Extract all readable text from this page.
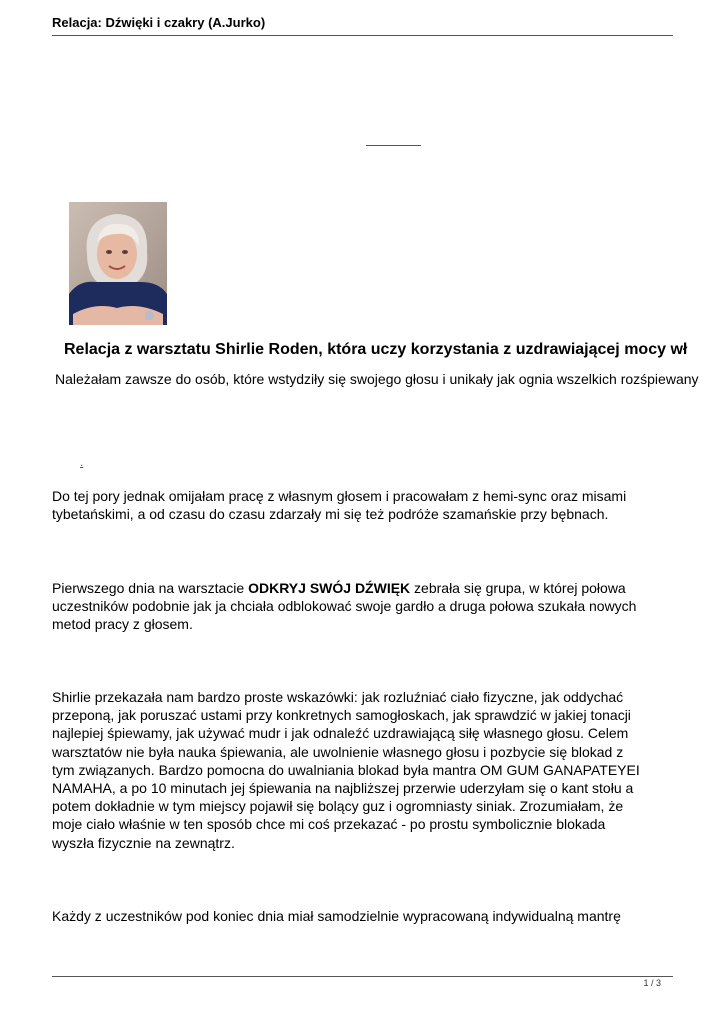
Relacja: Dźwięki i czakry (A.Jurko)
Relacja z warsztatu Shirlie Roden, która uczy korzystania z uzdrawiającej mocy wł
Należałam zawsze do osób, które wstydziły się swojego głosu i unikały jak ognia wszelkich rozśpiewany
.
Do tej pory jednak omijałam pracę z własnym głosem i pracowałam z hemi-sync oraz misami
tybetańskimi, a od czasu do czasu zdarzały mi się też podróże szamańskie przy bębnach.
Pierwszego dnia na warsztacie ODKRYJ SWÓJ DŹWIĘK zebrała się grupa, w której połowa
uczestników podobnie jak ja chciała odblokować swoje gardło a druga połowa szukała nowych
metod pracy z głosem.
Shirlie przekazała nam bardzo proste wskazówki: jak rozluźniać ciało fizyczne, jak oddychać
przeponą, jak poruszać ustami przy konkretnych samogłoskach, jak sprawdzić w jakiej tonacji
najlepiej śpiewamy, jak używać mudr i jak odnaleźć uzdrawiającą siłę własnego głosu. Celem
warsztatów nie była nauka śpiewania, ale uwolnienie własnego głosu i pozbycie się blokad z
tym związanych. Bardzo pomocna do uwalniania blokad była mantra OM GUM GANAPATEYEI
NAMAHA, a po 10 minutach jej śpiewania na najbliższej przerwie uderzyłam się o kant stołu a
potem dokładnie w tym miejscy pojawił się bolący guz i ogromniasty siniak. Zrozumiałam, że
moje ciało właśnie w ten sposób chce mi coś przekazać - po prostu symbolicznie blokada
wyszła fizycznie na zewnątrz.
Każdy z uczestników pod koniec dnia miał samodzielnie wypracowaną indywidualną mantrę
1 / 3
